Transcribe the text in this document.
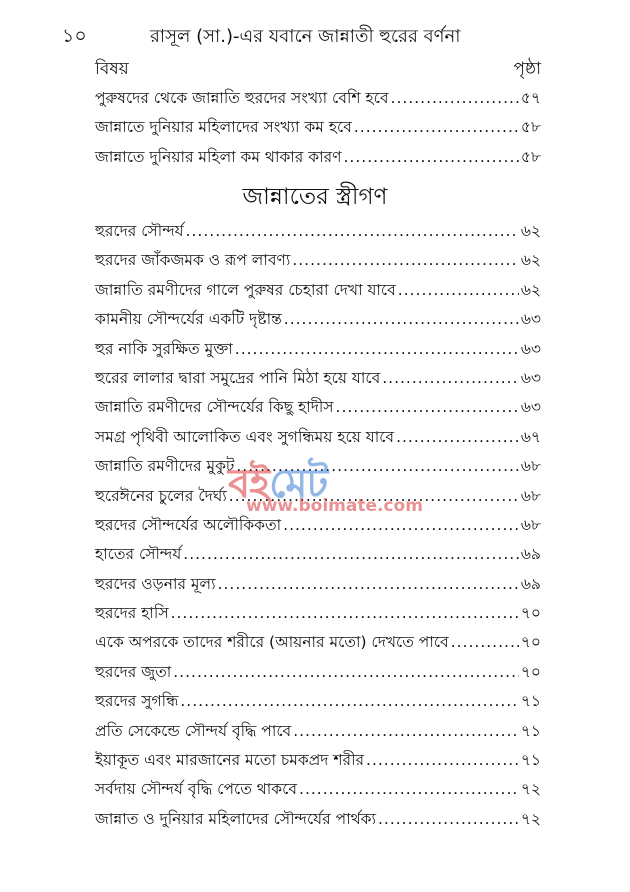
১০	রাসূল (সা.)-এর যবানে জান্নাতী হুরের বর্ণনা
বিষয়	পৃষ্ঠা
পুরুষদের থেকে জান্নাতি হুরদের সংখ্যা বেশি হবে .....	৫৭
জান্নাতে দুনিয়ার মহিলাদের সংখ্যা কম হবে .....	৫৮
জান্নাতে দুনিয়ার মহিলা কম থাকার কারণ .....	৫৮
জান্নাতের স্ত্রীগণ
হুরদের সৌন্দর্য .....	৬২
হুরদের জাঁকজমক ও রূপ লাবণ্য .....	৬২
জান্নাতি রমণীদের গালে পুরুষর চেহারা দেখা যাবে .....	৬২
কামনীয় সৌন্দর্যের একটি দৃষ্টান্ত .....	৬৩
হুর নাকি সুরক্ষিত মুক্তা .....	৬৩
হুরের লালার দ্বারা সমুদ্রের পানি মিঠা হয়ে যাবে .....	৬৩
জান্নাতি রমণীদের সৌন্দর্যের কিছু হাদীস .....	৬৩
সমগ্র পৃথিবী আলোকিত এবং সুগন্ধিময় হয়ে যাবে .....	৬৭
জান্নাতি রমণীদের মুকুট .....	৬৮
হুরেঈনের চুলের দৈর্ঘ্য .....	৬৮
হুরদের সৌন্দর্যের অলৌকিকতা .....	৬৮
হাতের সৌন্দর্য .....	৬৯
হুরদের ওড়নার মূল্য .....	৬৯
হুরদের হাসি .....	৭০
একে অপরকে তাদের শরীরে (আয়নার মতো) দেখতে পাবে .....	৭০
হুরদের জুতা .....	৭০
হুরদের সুগন্ধি .....	৭১
প্রতি সেকেন্ডে সৌন্দর্য বৃদ্ধি পাবে .....	৭১
ইয়াকূত এবং মারজানের মতো চমকপ্রদ শরীর .....	৭১
সর্বদায় সৌন্দর্য বৃদ্ধি পেতে থাকবে .....	৭২
জান্নাত ও দুনিয়ার মহিলাদের সৌন্দর্যের পার্থক্য .....	৭২
বইমেট
www.boimate.com
